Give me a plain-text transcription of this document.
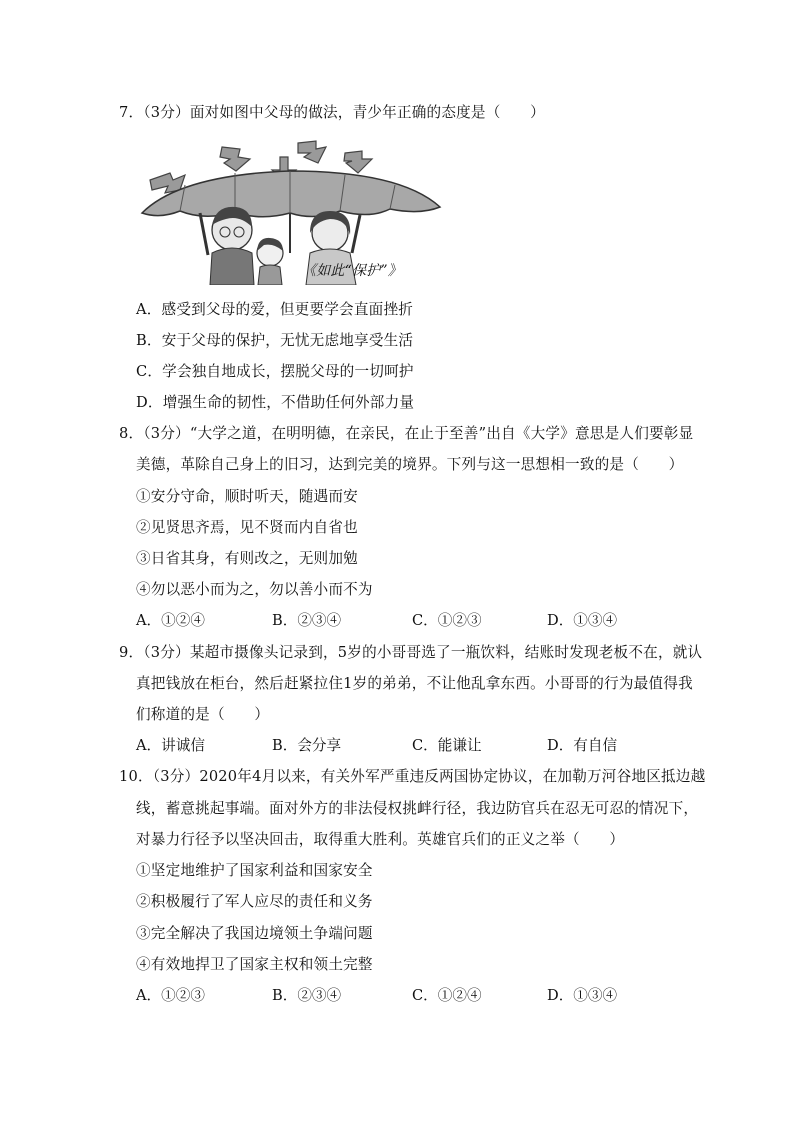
7．（3分）面对如图中父母的做法，青少年正确的态度是（　　）
《如此“保护”》
A．感受到父母的爱，但更要学会直面挫折
B．安于父母的保护，无忧无虑地享受生活
C．学会独自地成长，摆脱父母的一切呵护
D．增强生命的韧性，不借助任何外部力量
8．（3分）“大学之道，在明明德，在亲民，在止于至善”出自《大学》意思是人们要彰显
美德，革除自己身上的旧习，达到完美的境界。下列与这一思想相一致的是（　　）
①安分守命，顺时听天，随遇而安
②见贤思齐焉，见不贤而内自省也
③日省其身，有则改之，无则加勉
④勿以恶小而为之，勿以善小而不为
A．①②④	B．②③④	C．①②③	D．①③④
9．（3分）某超市摄像头记录到，5岁的小哥哥选了一瓶饮料，结账时发现老板不在，就认
真把钱放在柜台，然后赶紧拉住1岁的弟弟，不让他乱拿东西。小哥哥的行为最值得我
们称道的是（　　）
A．讲诚信	B．会分享	C．能谦让	D．有自信
10．（3分）2020年4月以来，有关外军严重违反两国协定协议，在加勒万河谷地区抵边越
线，蓄意挑起事端。面对外方的非法侵权挑衅行径，我边防官兵在忍无可忍的情况下，
对暴力行径予以坚决回击，取得重大胜利。英雄官兵们的正义之举（　　）
①坚定地维护了国家利益和国家安全
②积极履行了军人应尽的责任和义务
③完全解决了我国边境领土争端问题
④有效地捍卫了国家主权和领土完整
A．①②③	B．②③④	C．①②④	D．①③④
